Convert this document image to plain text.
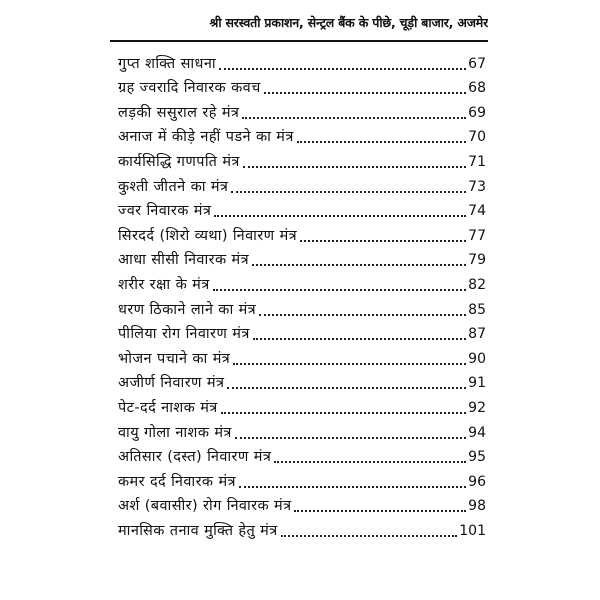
श्री सरस्वती प्रकाशन, सेन्ट्रल बैंक के पीछे, चूड़ी बाजार, अजमेर
गुप्त शक्ति साधना	67
ग्रह ज्वरादि निवारक कवच	68
लड़की ससुराल रहे मंत्र	69
अनाज में कीड़े नहीं पडने का मंत्र	70
कार्यसिद्धि गणपति मंत्र	71
कुश्ती जीतने का मंत्र	73
ज्वर निवारक मंत्र	74
सिरदर्द (शिरो व्यथा) निवारण मंत्र	77
आधा सीसी निवारक मंत्र	79
शरीर रक्षा के मंत्र	82
धरण ठिकाने लाने का मंत्र	85
पीलिया रोग निवारण मंत्र	87
भोजन पचाने का मंत्र	90
अजीर्ण निवारण मंत्र	91
पेट-दर्द नाशक मंत्र	92
वायु गोला नाशक मंत्र	94
अतिसार (दस्त) निवारण मंत्र	95
कमर दर्द निवारक मंत्र	96
अर्श (बवासीर) रोग निवारक मंत्र	98
मानसिक तनाव मुक्ति हेतु मंत्र	101
